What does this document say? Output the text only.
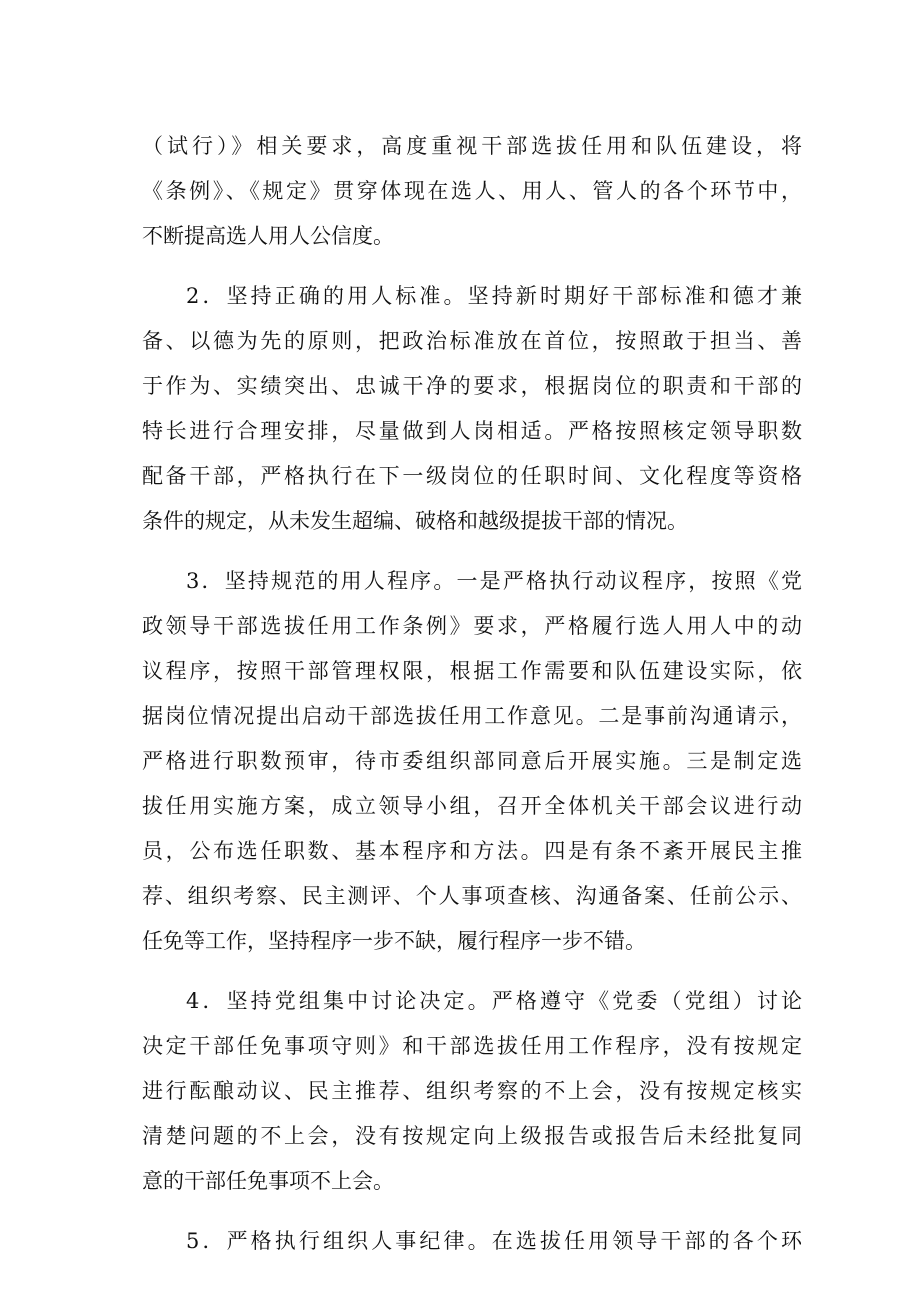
（试行）》相关要求，高度重视干部选拔任用和队伍建设，将
《条例》、《规定》贯穿体现在选人、用人、管人的各个环节中，
不断提高选人用人公信度。
2．坚持正确的用人标准。坚持新时期好干部标准和德才兼
备、以德为先的原则，把政治标准放在首位，按照敢于担当、善
于作为、实绩突出、忠诚干净的要求，根据岗位的职责和干部的
特长进行合理安排，尽量做到人岗相适。严格按照核定领导职数
配备干部，严格执行在下一级岗位的任职时间、文化程度等资格
条件的规定，从未发生超编、破格和越级提拔干部的情况。
3．坚持规范的用人程序。一是严格执行动议程序，按照《党
政领导干部选拔任用工作条例》要求，严格履行选人用人中的动
议程序，按照干部管理权限，根据工作需要和队伍建设实际，依
据岗位情况提出启动干部选拔任用工作意见。二是事前沟通请示，
严格进行职数预审，待市委组织部同意后开展实施。三是制定选
拔任用实施方案，成立领导小组，召开全体机关干部会议进行动
员，公布选任职数、基本程序和方法。四是有条不紊开展民主推
荐、组织考察、民主测评、个人事项查核、沟通备案、任前公示、
任免等工作，坚持程序一步不缺，履行程序一步不错。
4．坚持党组集中讨论决定。严格遵守《党委（党组）讨论
决定干部任免事项守则》和干部选拔任用工作程序，没有按规定
进行酝酿动议、民主推荐、组织考察的不上会，没有按规定核实
清楚问题的不上会，没有按规定向上级报告或报告后未经批复同
意的干部任免事项不上会。
5．严格执行组织人事纪律。在选拔任用领导干部的各个环
